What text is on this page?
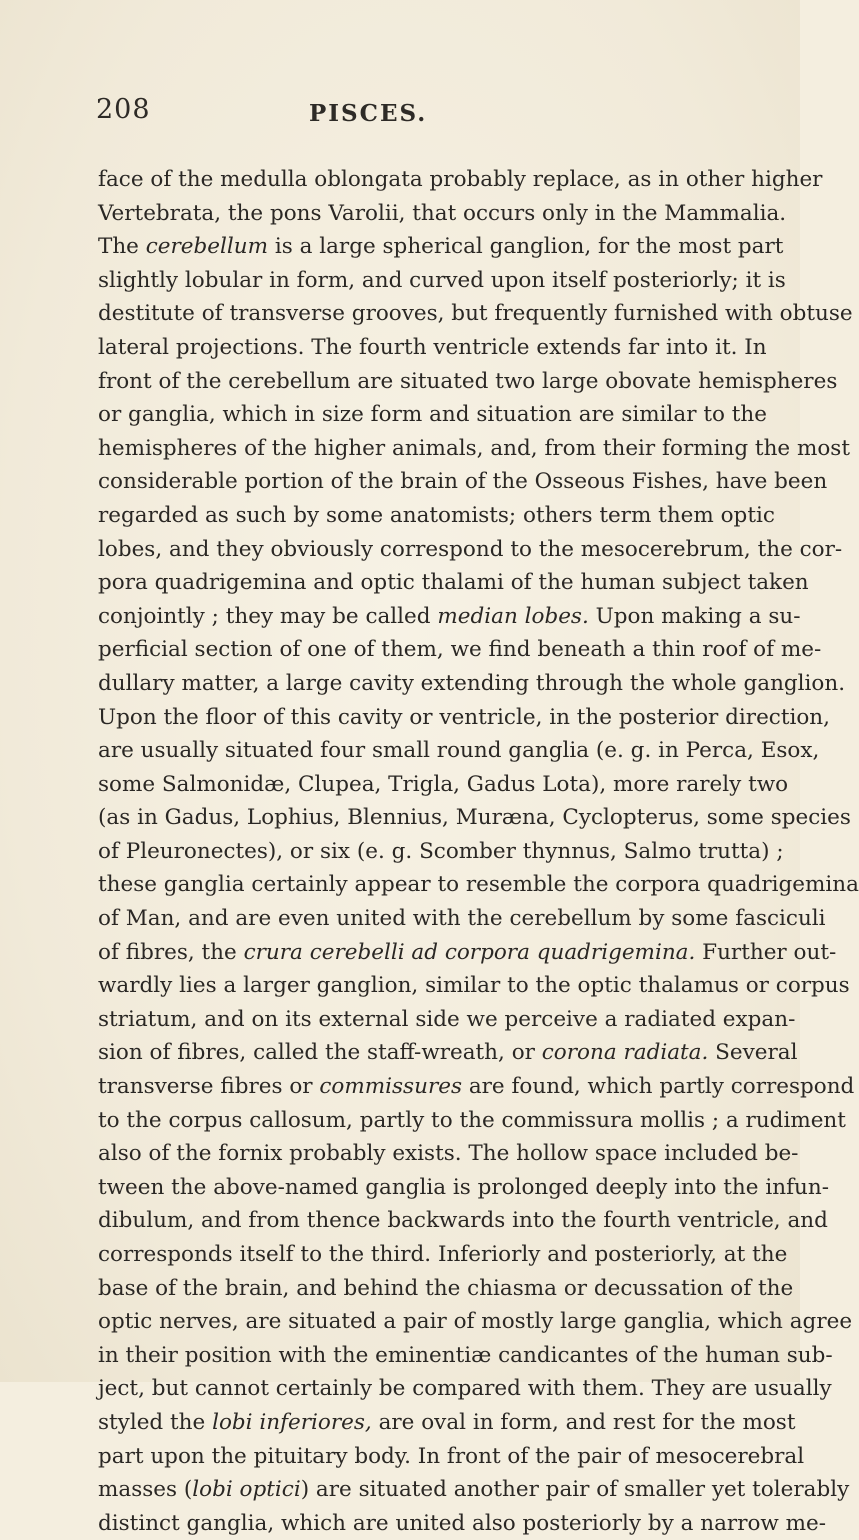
208	PISCES.
face of the medulla oblongata probably replace, as in other higher
Vertebrata, the pons Varolii, that occurs only in the Mammalia.
The cerebellum is a large spherical ganglion, for the most part
slightly lobular in form, and curved upon itself posteriorly; it is
destitute of transverse grooves, but frequently furnished with obtuse
lateral projections. The fourth ventricle extends far into it. In
front of the cerebellum are situated two large obovate hemispheres
or ganglia, which in size form and situation are similar to the
hemispheres of the higher animals, and, from their forming the most
considerable portion of the brain of the Osseous Fishes, have been
regarded as such by some anatomists; others term them optic
lobes, and they obviously correspond to the mesocerebrum, the cor-
pora quadrigemina and optic thalami of the human subject taken
conjointly ; they may be called median lobes. Upon making a su-
perficial section of one of them, we find beneath a thin roof of me-
dullary matter, a large cavity extending through the whole ganglion.
Upon the floor of this cavity or ventricle, in the posterior direction,
are usually situated four small round ganglia (e. g. in Perca, Esox,
some Salmonidæ, Clupea, Trigla, Gadus Lota), more rarely two
(as in Gadus, Lophius, Blennius, Muræna, Cyclopterus, some species
of Pleuronectes), or six (e. g. Scomber thynnus, Salmo trutta) ;
these ganglia certainly appear to resemble the corpora quadrigemina
of Man, and are even united with the cerebellum by some fasciculi
of fibres, the crura cerebelli ad corpora quadrigemina. Further out-
wardly lies a larger ganglion, similar to the optic thalamus or corpus
striatum, and on its external side we perceive a radiated expan-
sion of fibres, called the staff-wreath, or corona radiata. Several
transverse fibres or commissures are found, which partly correspond
to the corpus callosum, partly to the commissura mollis ; a rudiment
also of the fornix probably exists. The hollow space included be-
tween the above-named ganglia is prolonged deeply into the infun-
dibulum, and from thence backwards into the fourth ventricle, and
corresponds itself to the third. Inferiorly and posteriorly, at the
base of the brain, and behind the chiasma or decussation of the
optic nerves, are situated a pair of mostly large ganglia, which agree
in their position with the eminentiæ candicantes of the human sub-
ject, but cannot certainly be compared with them. They are usually
styled the lobi inferiores, are oval in form, and rest for the most
part upon the pituitary body. In front of the pair of mesocerebral
masses (lobi optici) are situated another pair of smaller yet tolerably
distinct ganglia, which are united also posteriorly by a narrow me-
